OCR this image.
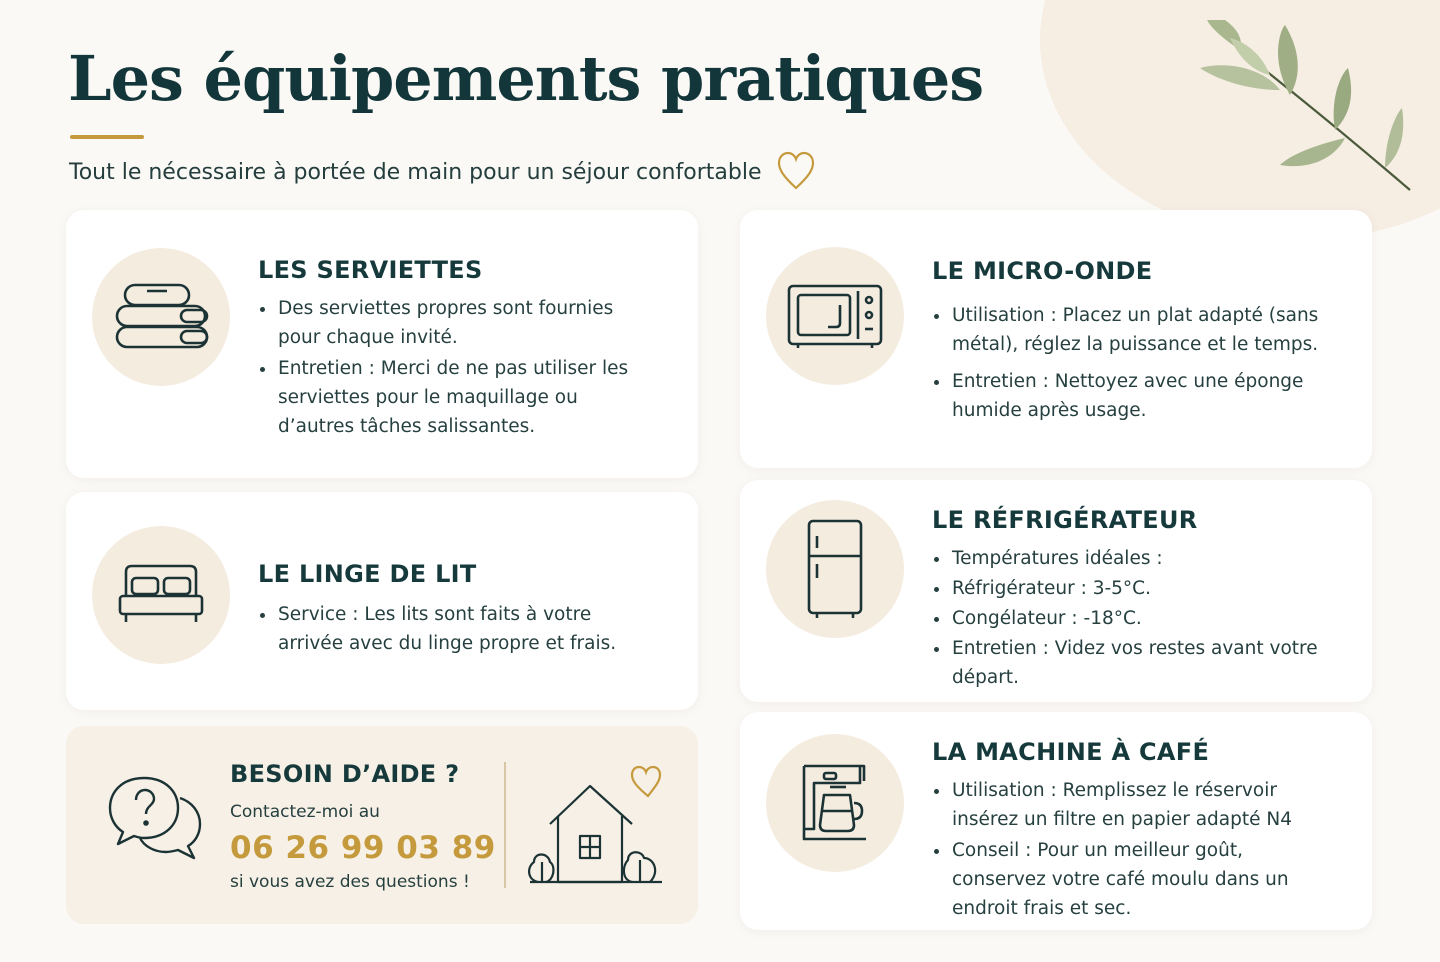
Les équipements pratiques

Tout le nécessaire à portée de main pour un séjour confortable

LES SERVIETTES
Des serviettes propres sont fournies pour chaque invité.
Entretien : Merci de ne pas utiliser les serviettes pour le maquillage ou d’autres tâches salissantes.
LE LINGE DE LIT
Service : Les lits sont faits à votre arrivée avec du linge propre et frais.
BESOIN D’AIDE ?

Contactez-moi au

06 26 99 03 89

si vous avez des questions !

LE MICRO-ONDE
Utilisation : Placez un plat adapté (sans métal), réglez la puissance et le temps.
Entretien : Nettoyez avec une éponge humide après usage.
LE RÉFRIGÉRATEUR
Températures idéales :
Réfrigérateur : 3-5°C.
Congélateur : -18°C.
Entretien : Videz vos restes avant votre départ.
LA MACHINE À CAFÉ
Utilisation : Remplissez le réservoir insérez un filtre en papier adapté N4
Conseil : Pour un meilleur goût, conservez votre café moulu dans un endroit frais et sec.
